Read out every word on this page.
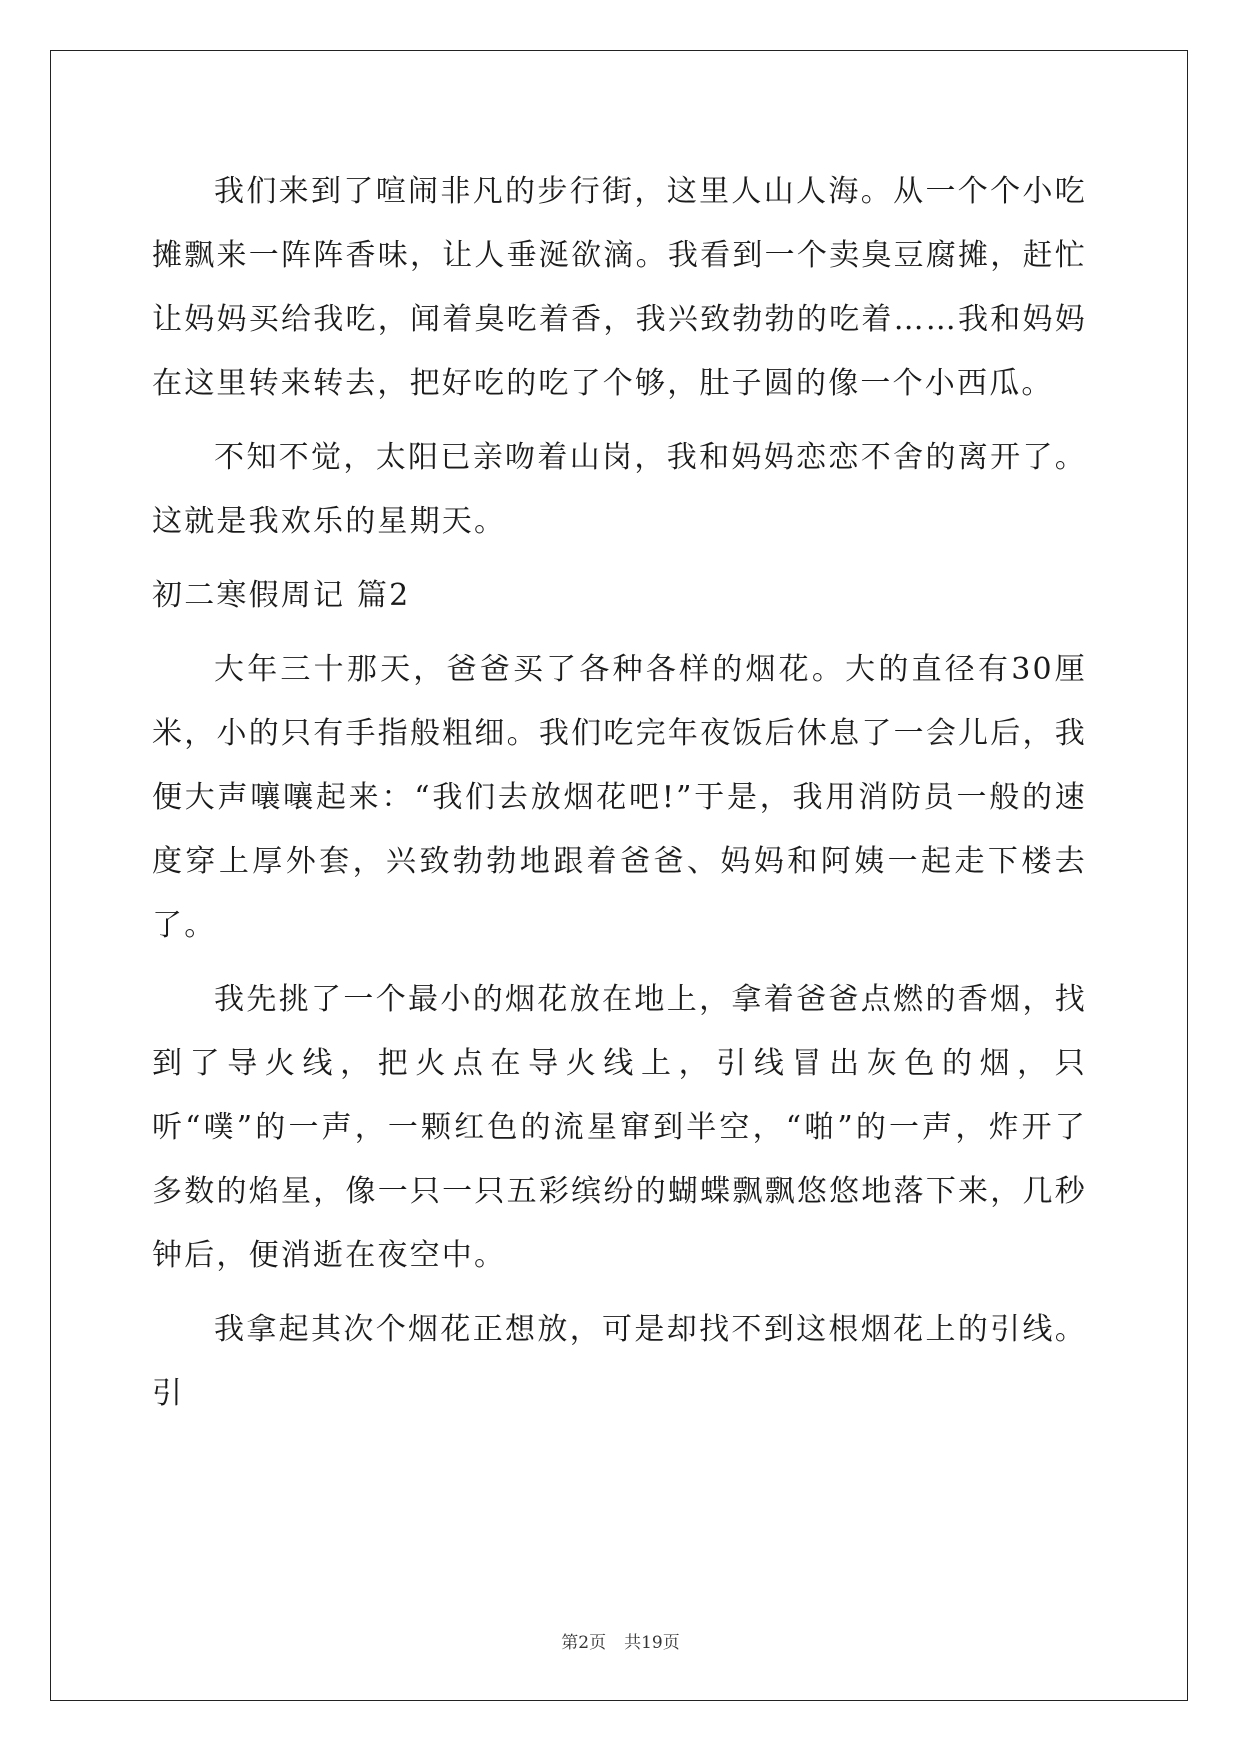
我们来到了喧闹非凡的步行街，这里人山人海。从一个个小吃摊飘来一阵阵香味，让人垂涎欲滴。我看到一个卖臭豆腐摊，赶忙让妈妈买给我吃，闻着臭吃着香，我兴致勃勃的吃着……我和妈妈在这里转来转去，把好吃的吃了个够，肚子圆的像一个小西瓜。

不知不觉，太阳已亲吻着山岗，我和妈妈恋恋不舍的离开了。这就是我欢乐的星期天。

初二寒假周记 篇2

大年三十那天，爸爸买了各种各样的烟花。大的直径有30厘米，小的只有手指般粗细。我们吃完年夜饭后休息了一会儿后，我便大声嚷嚷起来：“我们去放烟花吧!”于是，我用消防员一般的速度穿上厚外套，兴致勃勃地跟着爸爸、妈妈和阿姨一起走下楼去了。

我先挑了一个最小的烟花放在地上，拿着爸爸点燃的香烟，找到了导火线，把火点在导火线上，引线冒出灰色的烟，只听“噗”的一声，一颗红色的流星窜到半空，“啪”的一声，炸开了多数的焰星，像一只一只五彩缤纷的蝴蝶飘飘悠悠地落下来，几秒钟后，便消逝在夜空中。

我拿起其次个烟花正想放，可是却找不到这根烟花上的引线。引

第2页 共19页
